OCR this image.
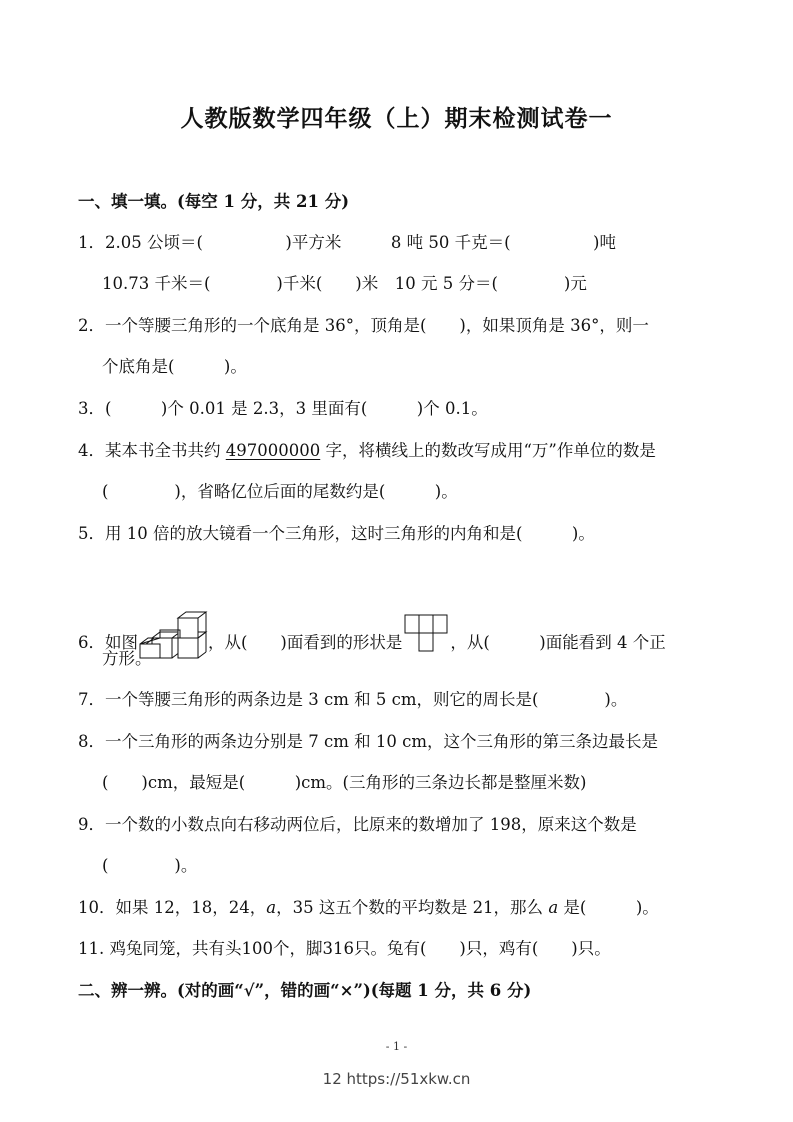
人教版数学四年级（上）期末检测试卷一
一、填一填。(每空 1 分，共 21 分)
1．2.05 公顷＝(　　　　　)平方米　　　8 吨 50 千克＝(　　　　　)吨
10.73 千米＝(　　　　)千米(　　)米　10 元 5 分＝(　　　　)元
2．一个等腰三角形的一个底角是 36°，顶角是(　　)，如果顶角是 36°，则一
个底角是(　　　)。
3．(　　　)个 0.01 是 2.3，3 里面有(　　　)个 0.1。
4．某本书全书共约 497000000 字，将横线上的数改写成用“万”作单位的数是
(　　　　)，省略亿位后面的尾数约是(　　　)。
5．用 10 倍的放大镜看一个三角形，这时三角形的内角和是(　　　)。
6．如图	，从(　　)面看到的形状是	，从(　　　)面能看到 4 个正
方形。
7．一个等腰三角形的两条边是 3 cm 和 5 cm，则它的周长是(　　　　)。
8．一个三角形的两条边分别是 7 cm 和 10 cm，这个三角形的第三条边最长是
(　　)cm，最短是(　　　)cm。(三角形的三条边长都是整厘米数)
9．一个数的小数点向右移动两位后，比原来的数增加了 198，原来这个数是
(　　　　)。
10．如果 12，18，24，a，35 这五个数的平均数是 21，那么 a 是(　　　)。
11. 鸡兔同笼，共有头100个，脚316只。兔有(　　)只，鸡有(　　)只。
二、辨一辨。(对的画“√”，错的画“×”)(每题 1 分，共 6 分)
- 1 -
12 https://51xkw.cn
